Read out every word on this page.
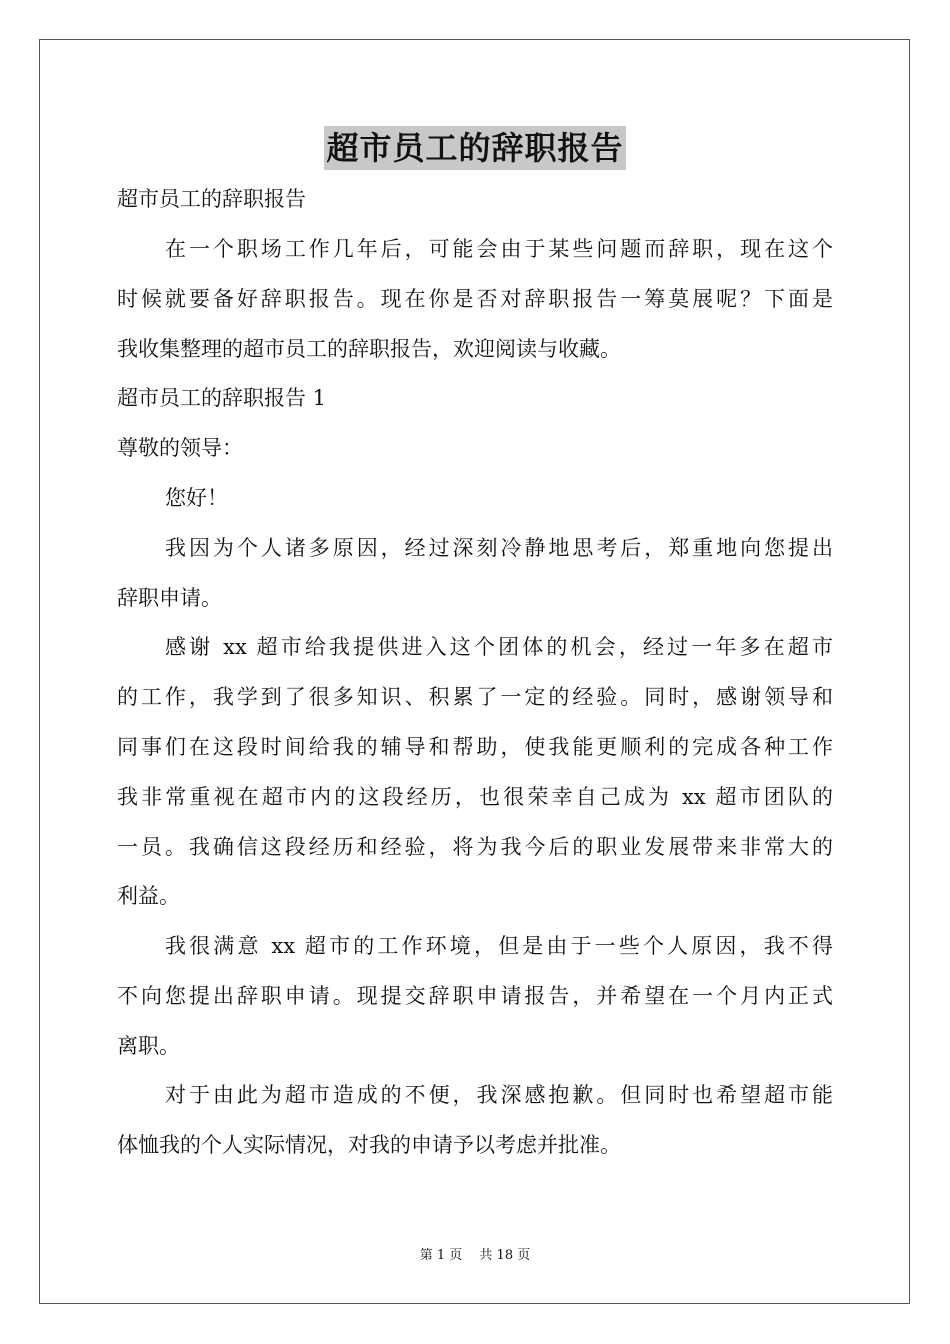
超市员工的辞职报告
超市员工的辞职报告
在一个职场工作几年后，可能会由于某些问题而辞职，现在这个
时候就要备好辞职报告。现在你是否对辞职报告一筹莫展呢？下面是
我收集整理的超市员工的辞职报告，欢迎阅读与收藏。
超市员工的辞职报告 1
尊敬的领导：
您好！
我因为个人诸多原因，经过深刻冷静地思考后，郑重地向您提出
辞职申请。
感谢 xx 超市给我提供进入这个团体的机会，经过一年多在超市
的工作，我学到了很多知识、积累了一定的经验。同时，感谢领导和
同事们在这段时间给我的辅导和帮助，使我能更顺利的完成各种工作
我非常重视在超市内的这段经历，也很荣幸自己成为 xx 超市团队的
一员。我确信这段经历和经验，将为我今后的职业发展带来非常大的
利益。
我很满意 xx 超市的工作环境，但是由于一些个人原因，我不得
不向您提出辞职申请。现提交辞职申请报告，并希望在一个月内正式
离职。
对于由此为超市造成的不便，我深感抱歉。但同时也希望超市能
体恤我的个人实际情况，对我的申请予以考虑并批准。
第 1 页　 共 18 页
